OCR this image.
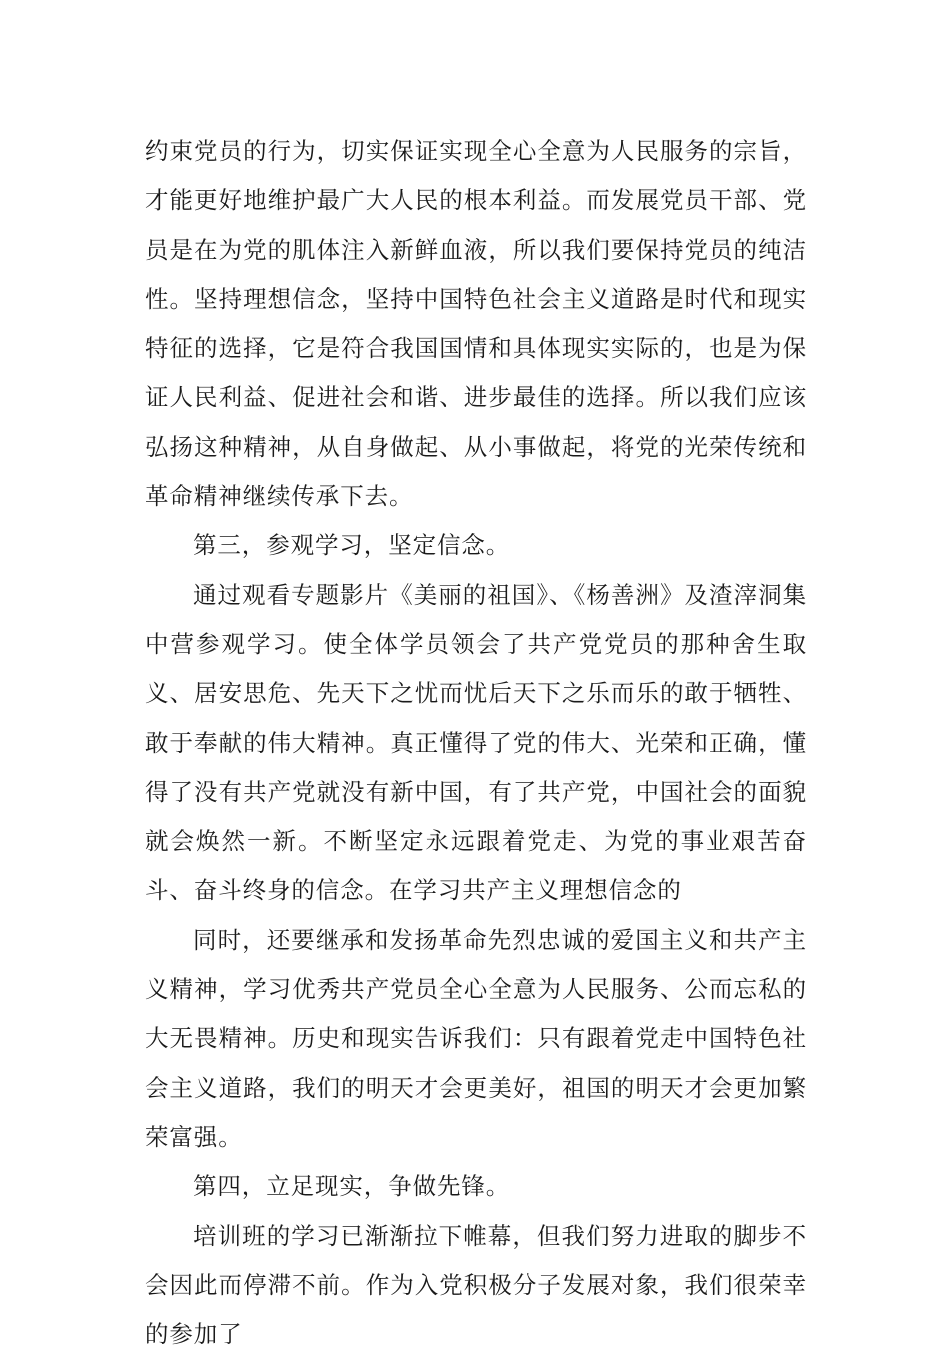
约束党员的行为，切实保证实现全心全意为人民服务的宗旨，才能更好地维护最广大人民的根本利益。而发展党员干部、党员是在为党的肌体注入新鲜血液，所以我们要保持党员的纯洁性。坚持理想信念，坚持中国特色社会主义道路是时代和现实特征的选择，它是符合我国国情和具体现实实际的，也是为保证人民利益、促进社会和谐、进步最佳的选择。所以我们应该弘扬这种精神，从自身做起、从小事做起，将党的光荣传统和革命精神继续传承下去。

第三，参观学习，坚定信念。

通过观看专题影片《美丽的祖国》、《杨善洲》及渣滓洞集中营参观学习。使全体学员领会了共产党党员的那种舍生取义、居安思危、先天下之忧而忧后天下之乐而乐的敢于牺牲、敢于奉献的伟大精神。真正懂得了党的伟大、光荣和正确，懂得了没有共产党就没有新中国，有了共产党，中国社会的面貌就会焕然一新。不断坚定永远跟着党走、为党的事业艰苦奋斗、奋斗终身的信念。在学习共产主义理想信念的

同时，还要继承和发扬革命先烈忠诚的爱国主义和共产主义精神，学习优秀共产党员全心全意为人民服务、公而忘私的大无畏精神。历史和现实告诉我们：只有跟着党走中国特色社会主义道路，我们的明天才会更美好，祖国的明天才会更加繁荣富强。

第四，立足现实，争做先锋。

培训班的学习已渐渐拉下帷幕，但我们努力进取的脚步不会因此而停滞不前。作为入党积极分子发展对象，我们很荣幸的参加了
